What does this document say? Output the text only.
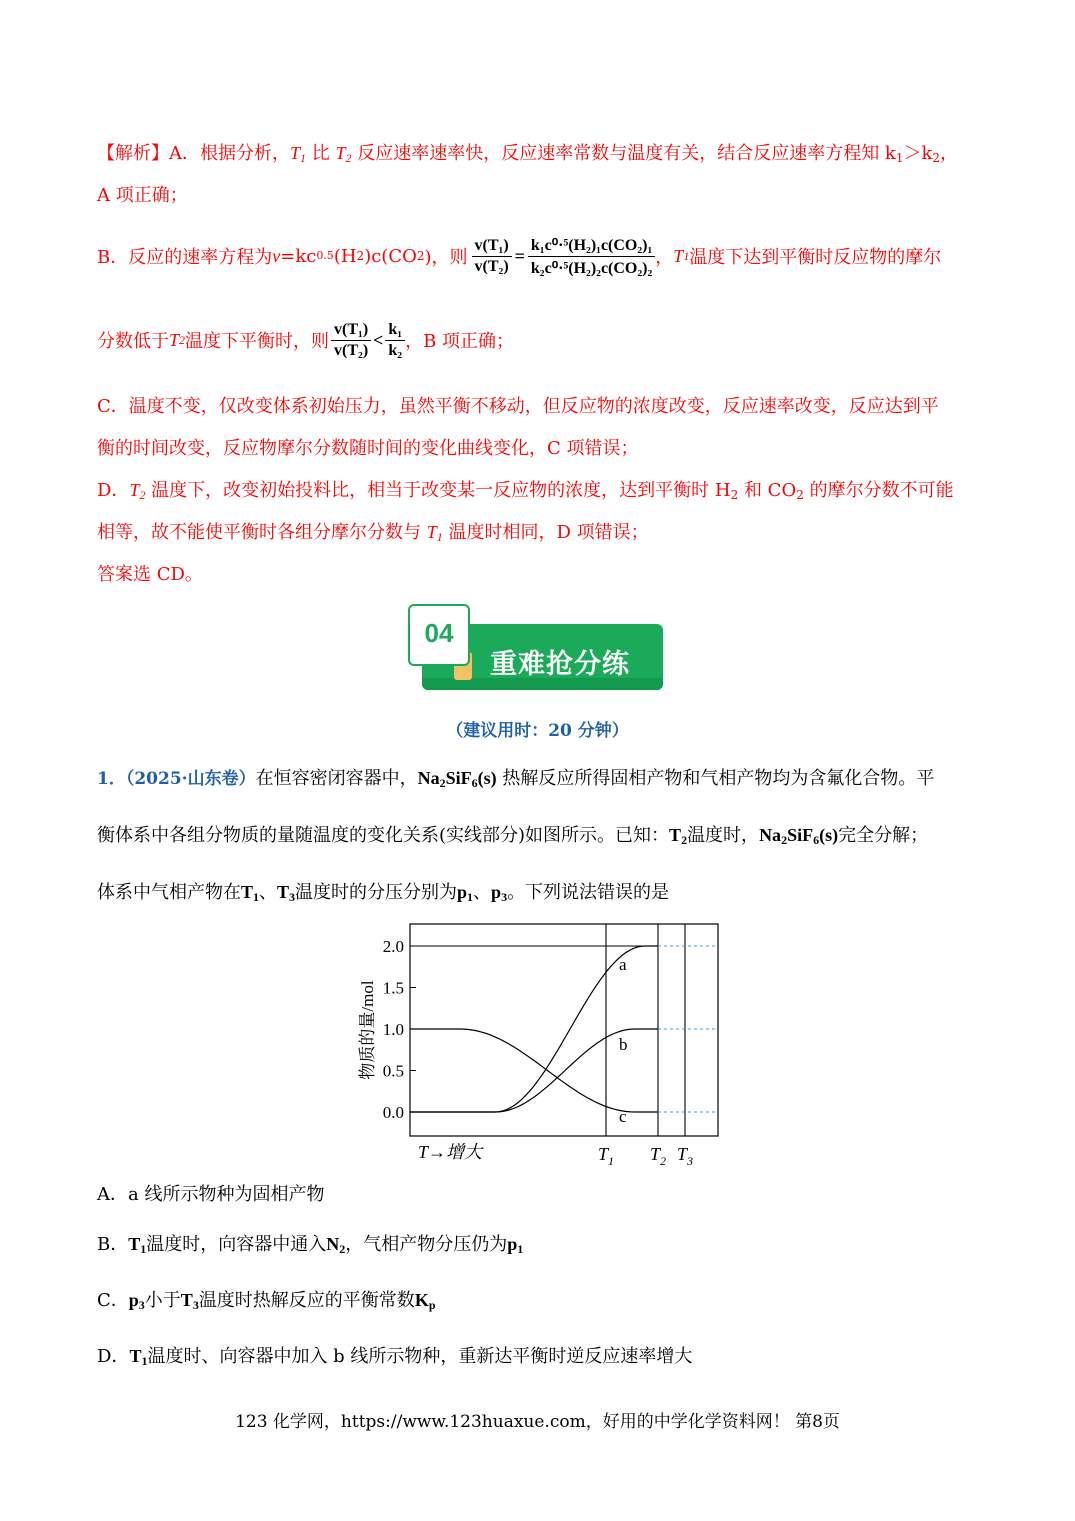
【解析】A．根据分析，$T_1$ 比 $T_2$ 反应速率速率快，反应速率常数与温度有关，结合反应速率方程知 $k_1>k_2$，
A 项正确；
B．反应的速率方程为 v =kc 0.5 (H 2 )c(CO 2 )，则 $\frac{\text{v(T₁)}}{\text{v(T₂)}} = \frac{\text{k₁c⁰·⁵(H₂)₁c(CO₂)₁}}{\text{k₂c⁰·⁵(H₂)₂c(CO₂)₂}}$ ， T 1 温度下达到平衡时反应物的摩尔
分数低于 T 2 温度下平衡时，则 $\frac{\text{v(T₁)}}{\text{v(T₂)}} < \frac{\text{k₁}}{\text{k₂}}$ ，B 项正确；
C．温度不变，仅改变体系初始压力，虽然平衡不移动，但反应物的浓度改变，反应速率改变，反应达到平
衡的时间改变，反应物摩尔分数随时间的变化曲线变化，C 项错误；
D．$T_2$ 温度下，改变初始投料比，相当于改变某一反应物的浓度，达到平衡时 $H_2$ 和 $CO_2$ 的摩尔分数不可能
相等，故不能使平衡时各组分摩尔分数与 $T_1$ 温度时相同，D 项错误；
答案选 CD。
04
重难抢分练
（建议用时：20 分钟）
1．（2025·山东卷）在恒容密闭容器中，$Na_2SiF_6(s)$ 热解反应所得固相产物和气相产物均为含氟化合物。平
衡体系中各组分物质的量随温度的变化关系(实线部分)如图所示。已知：$T_2$温度时，$Na_2SiF_6(s)$完全分解；
体系中气相产物在$T_1$、$T_3$温度时的分压分别为$p_1$、$p_3$。下列说法错误的是
2.0
1.5
1.0
0.5
0.0
物质的量/mol
T→增大	$T_1$ $T_2$ $T_3$
a
b
c
A．a 线所示物种为固相产物
B．$T_1$温度时，向容器中通入$N_2$，气相产物分压仍为$p_1$
C．$p_3$小于$T_3$温度时热解反应的平衡常数$K_p$
D．$T_1$温度时、向容器中加入 b 线所示物种，重新达平衡时逆反应速率增大
123 化学网，https://www.123huaxue.com，好用的中学化学资料网！ 第8页
